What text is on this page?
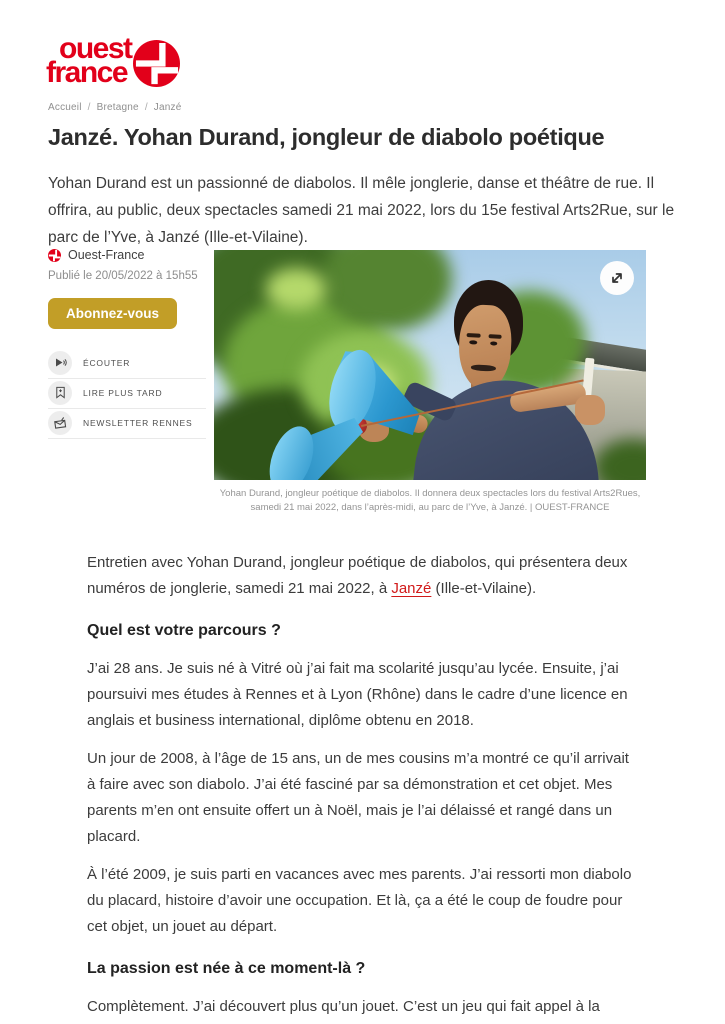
ouest
france
Accueil / Bretagne / Janzé
Janzé. Yohan Durand, jongleur de diabolo poétique

Yohan Durand est un passionné de diabolos. Il mêle jonglerie, danse et théâtre de rue. Il offrira, au public, deux spectacles samedi 21 mai 2022, lors du 15e festival Arts2Rue, sur le parc de l’Yve, à Janzé (Ille-et-Vilaine).

Ouest-France
Publié le 20/05/2022 à 15h55
Abonnez-vous
ÉCOUTER
LIRE PLUS TARD
NEWSLETTER RENNES
Yohan Durand, jongleur poétique de diabolos. Il donnera deux spectacles lors du festival Arts2Rues, samedi 21 mai 2022, dans l’après-midi, au parc de l’Yve, à Janzé. | OUEST-FRANCE

Entretien avec Yohan Durand, jongleur poétique de diabolos, qui présentera deux numéros de jonglerie, samedi 21 mai 2022, à Janzé (Ille-et-Vilaine).

Quel est votre parcours ?

J’ai 28 ans. Je suis né à Vitré où j’ai fait ma scolarité jusqu’au lycée. Ensuite, j’ai poursuivi mes études à Rennes et à Lyon (Rhône) dans le cadre d’une licence en anglais et business international, diplôme obtenu en 2018.

Un jour de 2008, à l’âge de 15 ans, un de mes cousins m’a montré ce qu’il arrivait à faire avec son diabolo. J’ai été fasciné par sa démonstration et cet objet. Mes parents m’en ont ensuite offert un à Noël, mais je l’ai délaissé et rangé dans un placard.

À l’été 2009, je suis parti en vacances avec mes parents. J’ai ressorti mon diabolo du placard, histoire d’avoir une occupation. Et là, ça a été le coup de foudre pour cet objet, un jouet au départ.

La passion est née à ce moment-là ?

Complètement. J’ai découvert plus qu’un jouet. C’est un jeu qui fait appel à la
